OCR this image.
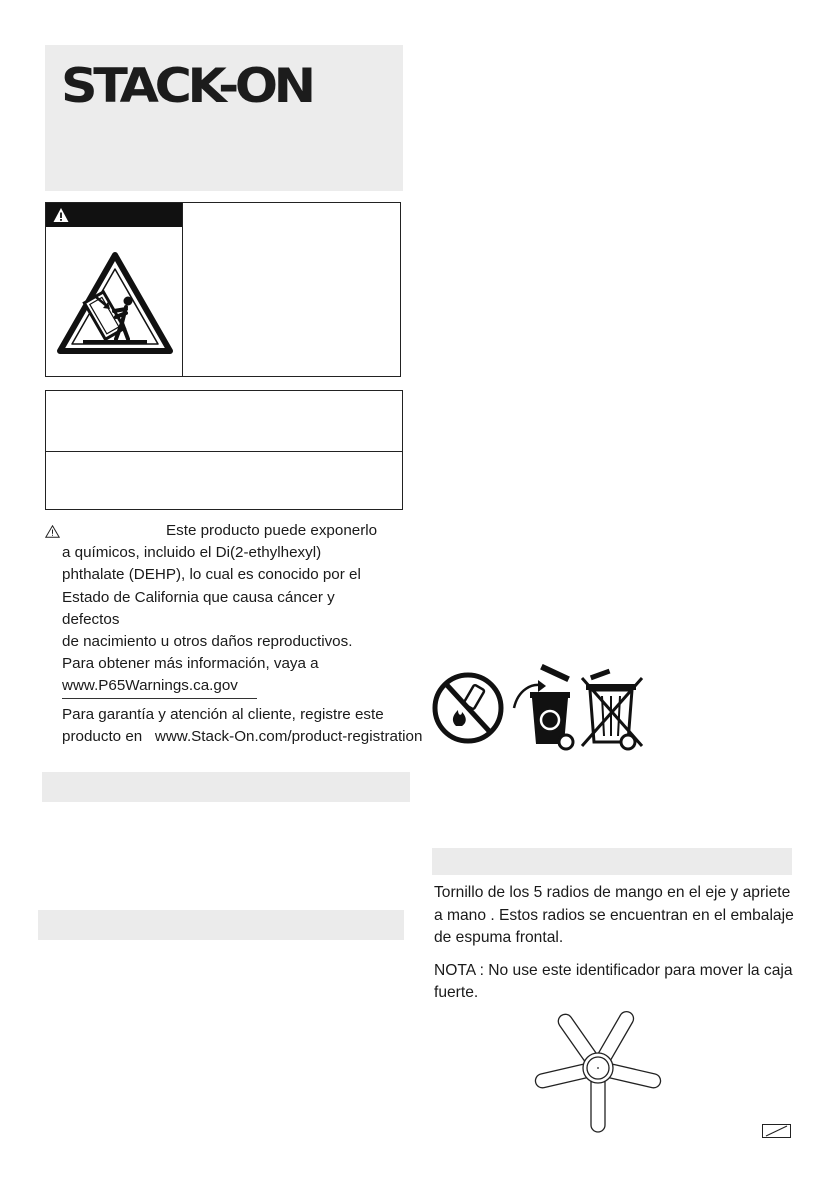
STACK-ON
Este producto puede exponerlo
a químicos, incluido el Di(2-ethylhexyl)
phthalate (DEHP), lo cual es conocido por el
Estado de California que causa cáncer y defectos
de nacimiento u otros daños reproductivos.
Para obtener más información, vaya a
www.P65Warnings.ca.gov
Para garantía y atención al cliente, registre este
producto en   www.Stack-On.com/product-registration

Tornillo de los 5 radios de mango en el eje y apriete a mano . Estos radios se encuentran en el embalaje de espuma frontal.

NOTA : No use este identificador para mover la caja fuerte.
